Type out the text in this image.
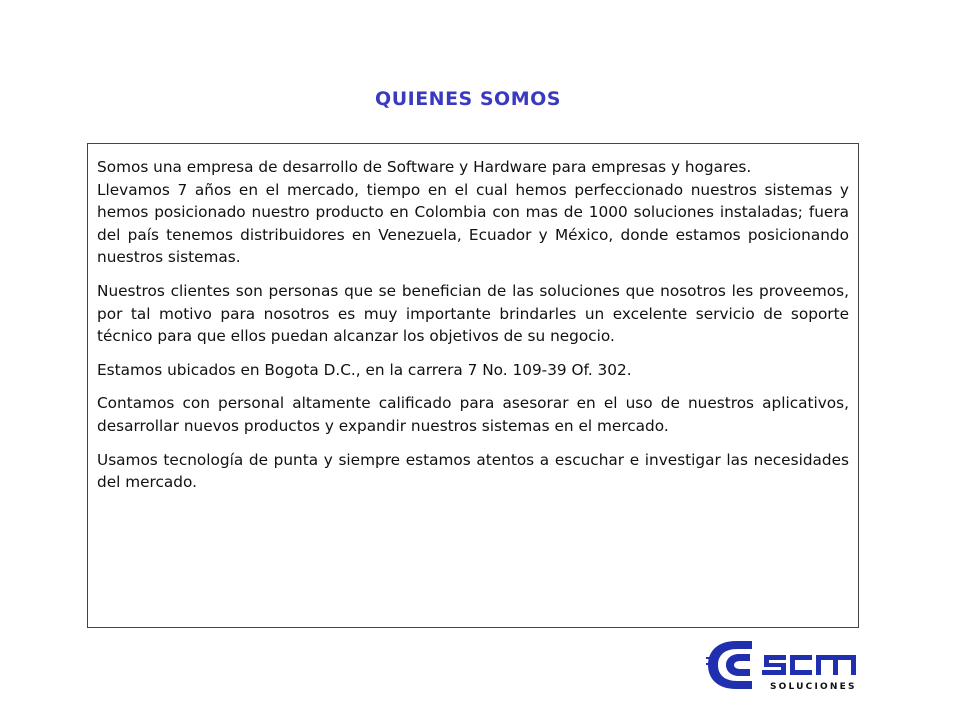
QUIENES SOMOS

Somos una empresa de desarrollo de Software y Hardware para empresas y hogares.

Llevamos 7 años en el mercado, tiempo en el cual hemos perfeccionado nuestros sistemas y hemos posicionado nuestro producto en Colombia con mas de 1000 soluciones instaladas; fuera del país tenemos distribuidores en Venezuela, Ecuador y México, donde estamos posicionando nuestros sistemas.

Nuestros clientes son personas que se benefician de las soluciones que nosotros les proveemos, por tal motivo para nosotros es muy importante brindarles un excelente servicio de soporte técnico para que ellos puedan alcanzar los objetivos de su negocio.

Estamos ubicados en Bogota D.C., en la carrera 7 No. 109-39 Of. 302.

Contamos con personal altamente calificado para asesorar en el uso de nuestros aplicativos, desarrollar nuevos productos y expandir nuestros sistemas en el mercado.

Usamos tecnología de punta y siempre estamos atentos a escuchar e investigar las necesidades del mercado.

SOLUCIONES
